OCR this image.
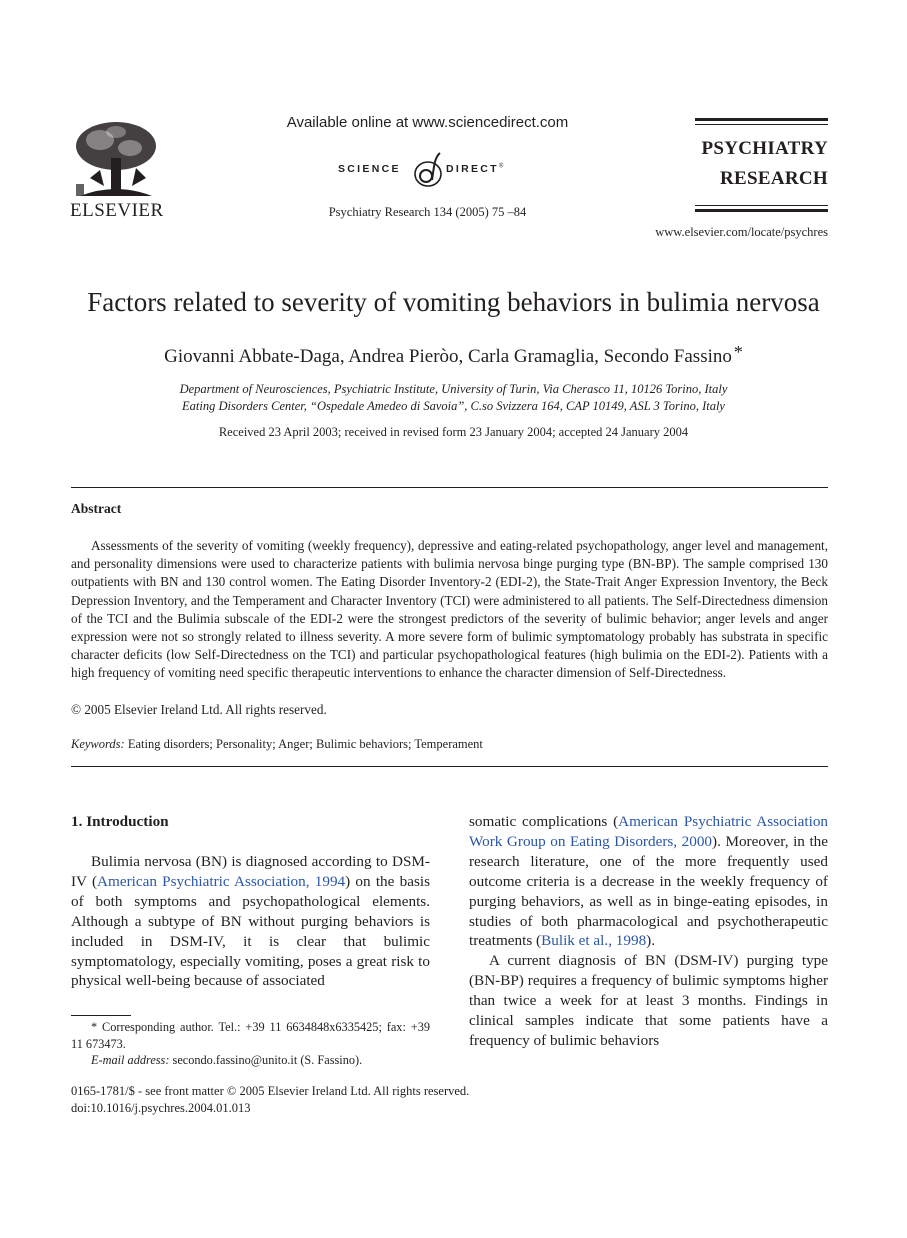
ELSEVIER
Available online at www.sciencedirect.com
SCIENCE	DIRECT®
Psychiatry Research 134 (2005) 75 –84
PSYCHIATRY
RESEARCH
www.elsevier.com/locate/psychres
Factors related to severity of vomiting behaviors in bulimia nervosa
Giovanni Abbate-Daga, Andrea Pieròo, Carla Gramaglia, Secondo Fassino *
Department of Neurosciences, Psychiatric Institute, University of Turin, Via Cherasco 11, 10126 Torino, Italy
Eating Disorders Center, “Ospedale Amedeo di Savoia”, C.so Svizzera 164, CAP 10149, ASL 3 Torino, Italy
Received 23 April 2003; received in revised form 23 January 2004; accepted 24 January 2004
Abstract

Assessments of the severity of vomiting (weekly frequency), depressive and eating-related psychopathology, anger level and management, and personality dimensions were used to characterize patients with bulimia nervosa binge purging type (BN-BP). The sample comprised 130 outpatients with BN and 130 control women. The Eating Disorder Inventory-2 (EDI-2), the State-Trait Anger Expression Inventory, the Beck Depression Inventory, and the Temperament and Character Inventory (TCI) were administered to all patients. The Self-Directedness dimension of the TCI and the Bulimia subscale of the EDI-2 were the strongest predictors of the severity of bulimic behavior; anger levels and anger expression were not so strongly related to illness severity. A more severe form of bulimic symptomatology probably has substrata in specific character deficits (low Self-Directedness on the TCI) and particular psychopathological features (high bulimia on the EDI-2). Patients with a high frequency of vomiting need specific therapeutic interventions to enhance the character dimension of Self-Directedness.

© 2005 Elsevier Ireland Ltd. All rights reserved.
Keywords: Eating disorders; Personality; Anger; Bulimic behaviors; Temperament
1. Introduction

Bulimia nervosa (BN) is diagnosed according to DSM-IV (American Psychiatric Association, 1994) on the basis of both symptoms and psychopathological elements. Although a subtype of BN without purging behaviors is included in DSM-IV, it is clear that bulimic symptomatology, especially vomiting, poses a great risk to physical well-being because of associated

somatic complications (American Psychiatric Association Work Group on Eating Disorders, 2000). Moreover, in the research literature, one of the more frequently used outcome criteria is a decrease in the weekly frequency of purging behaviors, as well as in binge-eating episodes, in studies of both pharmacological and psychotherapeutic treatments (Bulik et al., 1998).

A current diagnosis of BN (DSM-IV) purging type (BN-BP) requires a frequency of bulimic symptoms higher than twice a week for at least 3 months. Findings in clinical samples indicate that some patients have a frequency of bulimic behaviors

* Corresponding author. Tel.: +39 11 6634848x6335425; fax: +39 11 673473.

E-mail address: secondo.fassino@unito.it (S. Fassino).

0165-1781/$ - see front matter © 2005 Elsevier Ireland Ltd. All rights reserved.
doi:10.1016/j.psychres.2004.01.013
